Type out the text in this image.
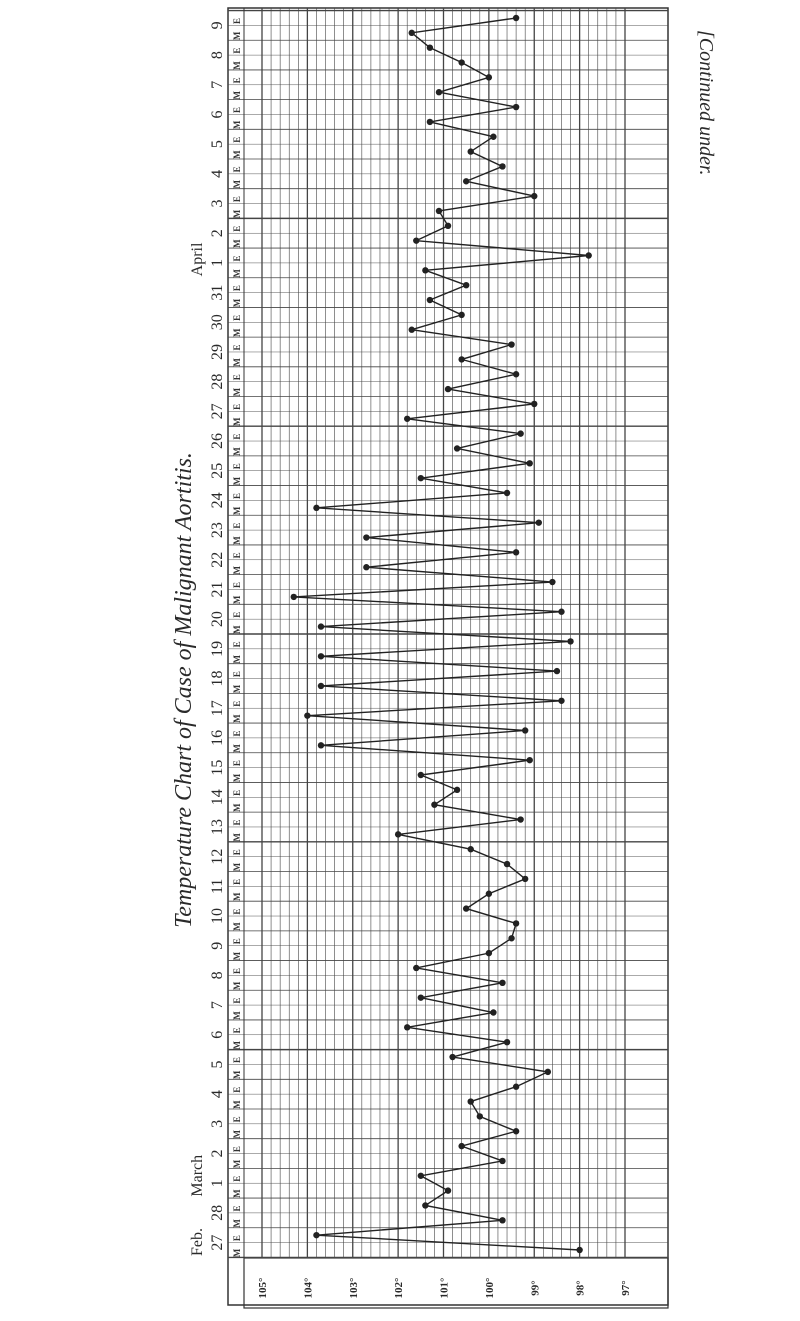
105°	104°	103°	102°	101°	100°	99°	98°	97°
M
E
M
E
M
E
M
E
M
E
M
E
M
E
M
E
M
E
M
E
M
E
M
E
M
E
M
E
M
E
M
E
M
E
M
E
M
E
M
E
M
E
M
E
M
E
M
E
M
E
M
E
M
E
M
E
M
E
M
E
M
E
M
E
M
E
M
E
M
E
M
E
M
E
M
E
M
E
M
E
M
E
M
E
27
28
1
2
3
4
5
6
7
8
9
10
11
12
13
14
15
16
17
18
19
20
21
22
23
24
25
26
27
28
29
30
31
1
2
3
4
5
6
7
8
9
Feb.
March
April
Temperature Chart of Case of Malignant Aortitis.
[Continued under.
